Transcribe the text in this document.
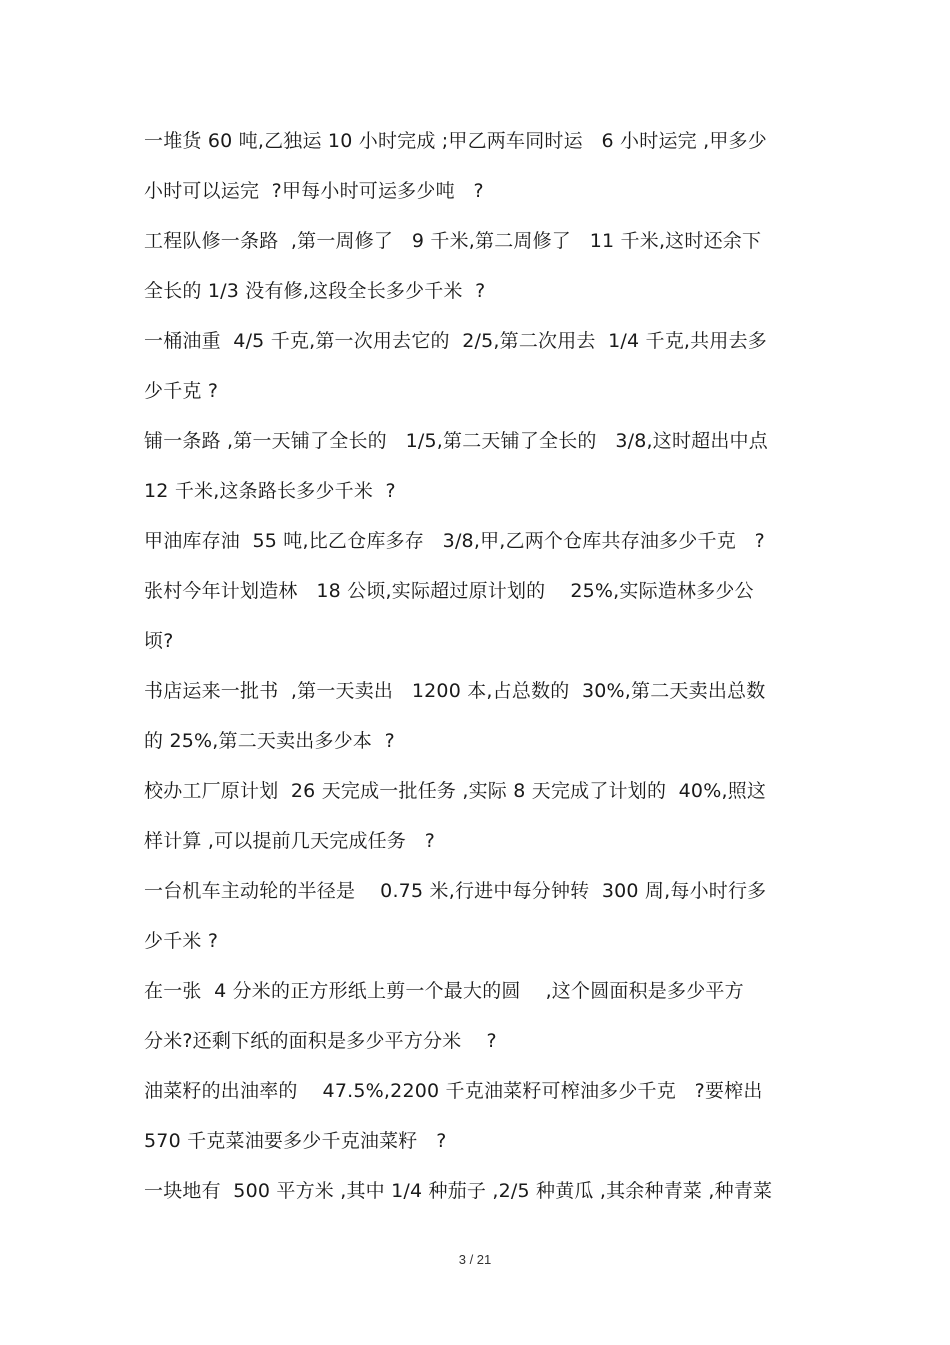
一堆货 60 吨,乙独运 10 小时完成 ;甲乙两车同时运   6 小时运完 ,甲多少
小时可以运完  ?甲每小时可运多少吨   ?
工程队修一条路  ,第一周修了   9 千米,第二周修了   11 千米,这时还余下
全长的 1/3 没有修,这段全长多少千米  ?
一桶油重  4/5 千克,第一次用去它的  2/5,第二次用去  1/4 千克,共用去多
少千克 ?
铺一条路 ,第一天铺了全长的   1/5,第二天铺了全长的   3/8,这时超出中点
12 千米,这条路长多少千米  ?
甲油库存油  55 吨,比乙仓库多存   3/8,甲,乙两个仓库共存油多少千克   ?
张村今年计划造林   18 公顷,实际超过原计划的    25%,实际造林多少公
顷?
书店运来一批书  ,第一天卖出   1200 本,占总数的  30%,第二天卖出总数
的 25%,第二天卖出多少本  ?
校办工厂原计划  26 天完成一批任务 ,实际 8 天完成了计划的  40%,照这
样计算 ,可以提前几天完成任务   ?
一台机车主动轮的半径是    0.75 米,行进中每分钟转  300 周,每小时行多
少千米 ?
在一张  4 分米的正方形纸上剪一个最大的圆    ,这个圆面积是多少平方
分米?还剩下纸的面积是多少平方分米    ?
油菜籽的出油率的    47.5%,2200 千克油菜籽可榨油多少千克   ?要榨出
570 千克菜油要多少千克油菜籽   ?
一块地有  500 平方米 ,其中 1/4 种茄子 ,2/5 种黄瓜 ,其余种青菜 ,种青菜
3 / 21
